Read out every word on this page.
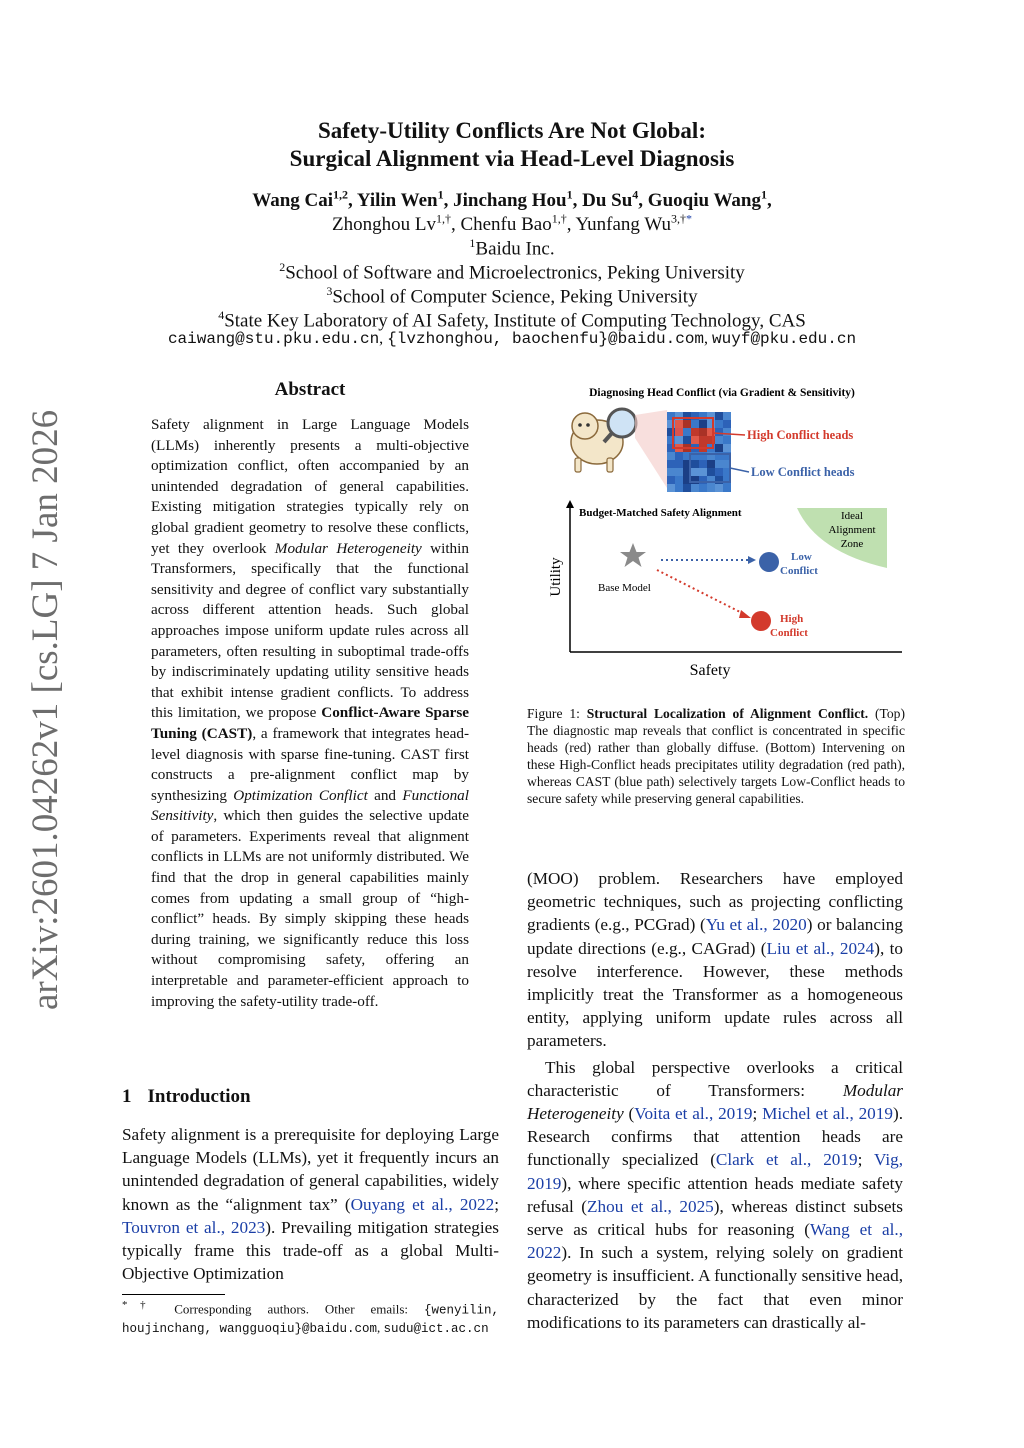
arXiv:2601.04262v1 [cs.LG] 7 Jan 2026
Safety-Utility Conflicts Are Not Global:
Surgical Alignment via Head-Level Diagnosis
Wang Cai$^{1,2}$, Yilin Wen$^1$, Jinchang Hou$^1$, Du Su$^4$, Guoqiu Wang$^1$,
Zhonghou $Lv^{1,\dagger}$, Chenfu Bao$^{1,\dagger}$, Yunfang $Wu^{3,\dagger*}$
$^1$Baidu Inc.
$^2$School of Software and Microelectronics, Peking University
$^3$School of Computer Science, Peking University
$^4$State Key Laboratory of AI Safety, Institute of Computing Technology, CAS
caiwang@stu.pku.edu.cn, {lvzhonghou, baochenfu}@baidu.com, wuyf@pku.edu.cn
Abstract

Safety alignment in Large Language Models (LLMs) inherently presents a multi-objective optimization conflict, often accompanied by an unintended degradation of general capabilities. Existing mitigation strategies typically rely on global gradient geometry to resolve these conflicts, yet they overlook Modular Heterogeneity within Transformers, specifically that the functional sensitivity and degree of conflict vary substantially across different attention heads. Such global approaches impose uniform update rules across all parameters, often resulting in suboptimal trade-offs by indiscriminately updating utility sensitive heads that exhibit intense gradient conflicts. To address this limitation, we propose Conflict-Aware Sparse Tuning (CAST), a framework that integrates head-level diagnosis with sparse fine-tuning. CAST first constructs a pre-alignment conflict map by synthesizing Optimization Conflict and Functional Sensitivity, which then guides the selective update of parameters. Experiments reveal that alignment conflicts in LLMs are not uniformly distributed. We find that the drop in general capabilities mainly comes from updating a small group of “high-conflict” heads. By simply skipping these heads during training, we significantly reduce this loss without compromising safety, offering an interpretable and parameter-efficient approach to improving the safety-utility trade-off.

1 Introduction

Safety alignment is a prerequisite for deploying Large Language Models (LLMs), yet it frequently incurs an unintended degradation of general capabilities, widely known as the “alignment tax” (Ouyang et al., 2022; Touvron et al., 2023). Prevailing mitigation strategies typically frame this trade-off as a global Multi-Objective Optimization

*† Corresponding authors. Other emails: {wenyilin, houjinchang, wangguoqiu}@baidu.com, sudu@ict.ac.cn
Diagnosing Head Conflict (via Gradient & Sensitivity)
High Conflict heads
Low Conflict heads
Ideal
Alignment
Zone
Budget-Matched Safety Alignment
Utility
Safety
Base Model
Low
Conflict
High
Conflict
Figure 1: Structural Localization of Alignment Conflict. (Top) The diagnostic map reveals that conflict is concentrated in specific heads (red) rather than globally diffuse. (Bottom) Intervening on these High-Conflict heads precipitates utility degradation (red path), whereas CAST (blue path) selectively targets Low-Conflict heads to secure safety while preserving general capabilities.

(MOO) problem. Researchers have employed geometric techniques, such as projecting conflicting gradients (e.g., PCGrad) (Yu et al., 2020) or balancing update directions (e.g., CAGrad) (Liu et al., 2024), to resolve interference. However, these methods implicitly treat the Transformer as a homogeneous entity, applying uniform update rules across all parameters.

This global perspective overlooks a critical characteristic of Transformers: Modular Heterogeneity (Voita et al., 2019; Michel et al., 2019). Research confirms that attention heads are functionally specialized (Clark et al., 2019; Vig, 2019), where specific attention heads mediate safety refusal (Zhou et al., 2025), whereas distinct subsets serve as critical hubs for reasoning (Wang et al., 2022). In such a system, relying solely on gradient geometry is insufficient. A functionally sensitive head, characterized by the fact that even minor modifications to its parameters can drastically al-
